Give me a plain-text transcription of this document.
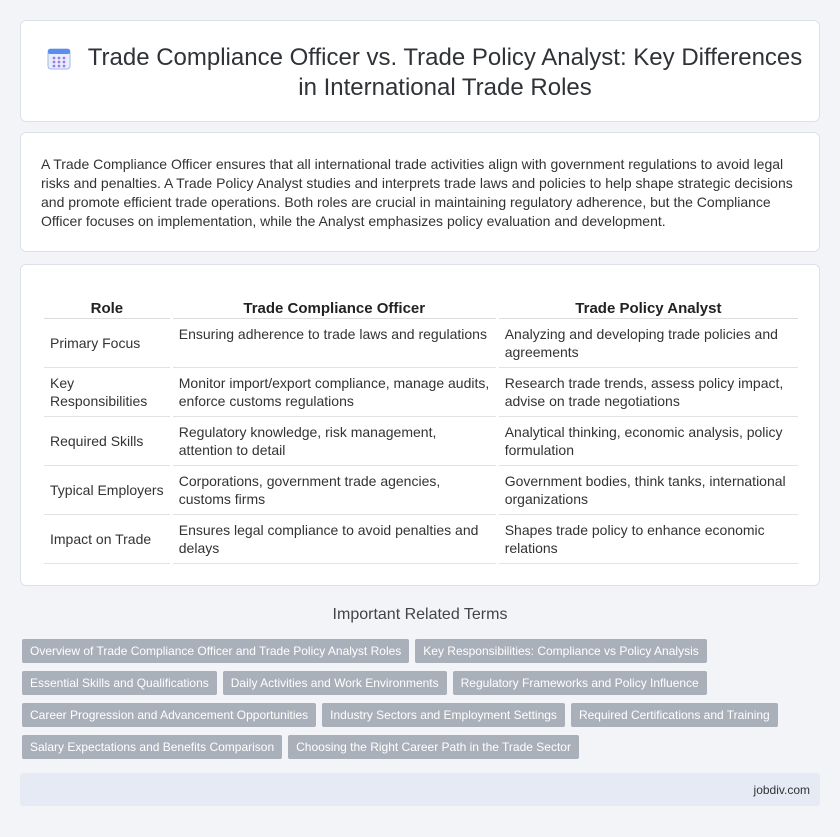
Trade Compliance Officer vs. Trade Policy Analyst: Key Differences in International Trade Roles

A Trade Compliance Officer ensures that all international trade activities align with government regulations to avoid legal risks and penalties. A Trade Policy Analyst studies and interprets trade laws and policies to help shape strategic decisions and promote efficient trade operations. Both roles are crucial in maintaining regulatory adherence, but the Compliance Officer focuses on implementation, while the Analyst emphasizes policy evaluation and development.

Role	Trade Compliance Officer	Trade Policy Analyst
Primary Focus	Ensuring adherence to trade laws and regulations	Analyzing and developing trade policies and agreements
Key Responsibilities	Monitor import/export compliance, manage audits, enforce customs regulations	Research trade trends, assess policy impact, advise on trade negotiations
Required Skills	Regulatory knowledge, risk management, attention to detail	Analytical thinking, economic analysis, policy formulation
Typical Employers	Corporations, government trade agencies, customs firms	Government bodies, think tanks, international organizations
Impact on Trade	Ensures legal compliance to avoid penalties and delays	Shapes trade policy to enhance economic relations
Important Related Terms
Overview of Trade Compliance Officer and Trade Policy Analyst Roles	Key Responsibilities: Compliance vs Policy Analysis
Essential Skills and Qualifications	Daily Activities and Work Environments	Regulatory Frameworks and Policy Influence
Career Progression and Advancement Opportunities	Industry Sectors and Employment Settings	Required Certifications and Training
Salary Expectations and Benefits Comparison	Choosing the Right Career Path in the Trade Sector
jobdiv.com
